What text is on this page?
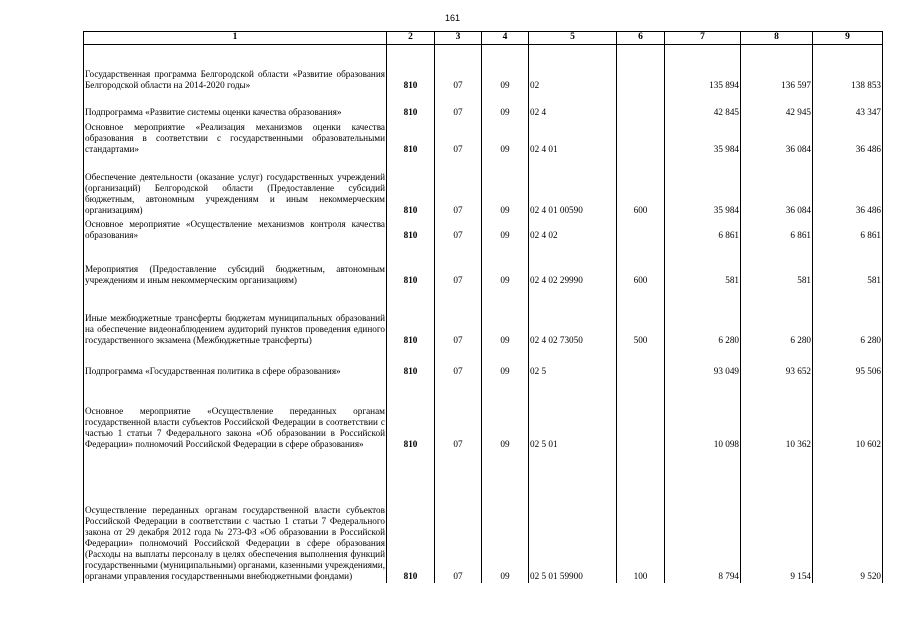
161
1	2	3	4	5	6	7	8	9
Государственная программа Белгородской области «Развитие образования Белгородской области на 2014-2020 годы»	810	07	09	02		135 894	136 597	138 853
Подпрограмма «Развитие системы оценки качества образования»	810	07	09	02 4		42 845	42 945	43 347
Основное мероприятие «Реализация механизмов оценки качества образования в соответствии с государственными образовательными стандартами»	810	07	09	02 4 01		35 984	36 084	36 486
Обеспечение деятельности (оказание услуг) государственных учреждений (организаций) Белгородской области (Предоставление субсидий бюджетным, автономным учреждениям и иным некоммерческим организациям)	810	07	09	02 4 01 00590	600	35 984	36 084	36 486
Основное мероприятие «Осуществление механизмов контроля качества образования»	810	07	09	02 4 02		6 861	6 861	6 861
Мероприятия (Предоставление субсидий бюджетным, автономным учреждениям и иным некоммерческим организациям)	810	07	09	02 4 02 29990	600	581	581	581
Иные межбюджетные трансферты бюджетам муниципальных образований на обеспечение видеонаблюдением аудиторий пунктов проведения единого государственного экзамена (Межбюджетные трансферты)	810	07	09	02 4 02 73050	500	6 280	6 280	6 280
Подпрограмма «Государственная политика в сфере образования»	810	07	09	02 5		93 049	93 652	95 506
Основное мероприятие «Осуществление переданных органам государственной власти субъектов Российской Федерации в соответствии с частью 1 статьи 7 Федерального закона «Об образовании в Российской Федерации» полномочий Российской Федерации в сфере образования»	810	07	09	02 5 01		10 098	10 362	10 602
Осуществление переданных органам государственной власти субъектов Российской Федерации в соответствии с частью 1 статьи 7 Федерального закона от 29 декабря 2012 года № 273-ФЗ «Об образовании в Российской Федерации» полномочий Российской Федерации в сфере образования (Расходы на выплаты персоналу в целях обеспечения выполнения функций государственными (муниципальными) органами, казенными учреждениями, органами управления государственными внебюджетными фондами)	810	07	09	02 5 01 59900	100	8 794	9 154	9 520
